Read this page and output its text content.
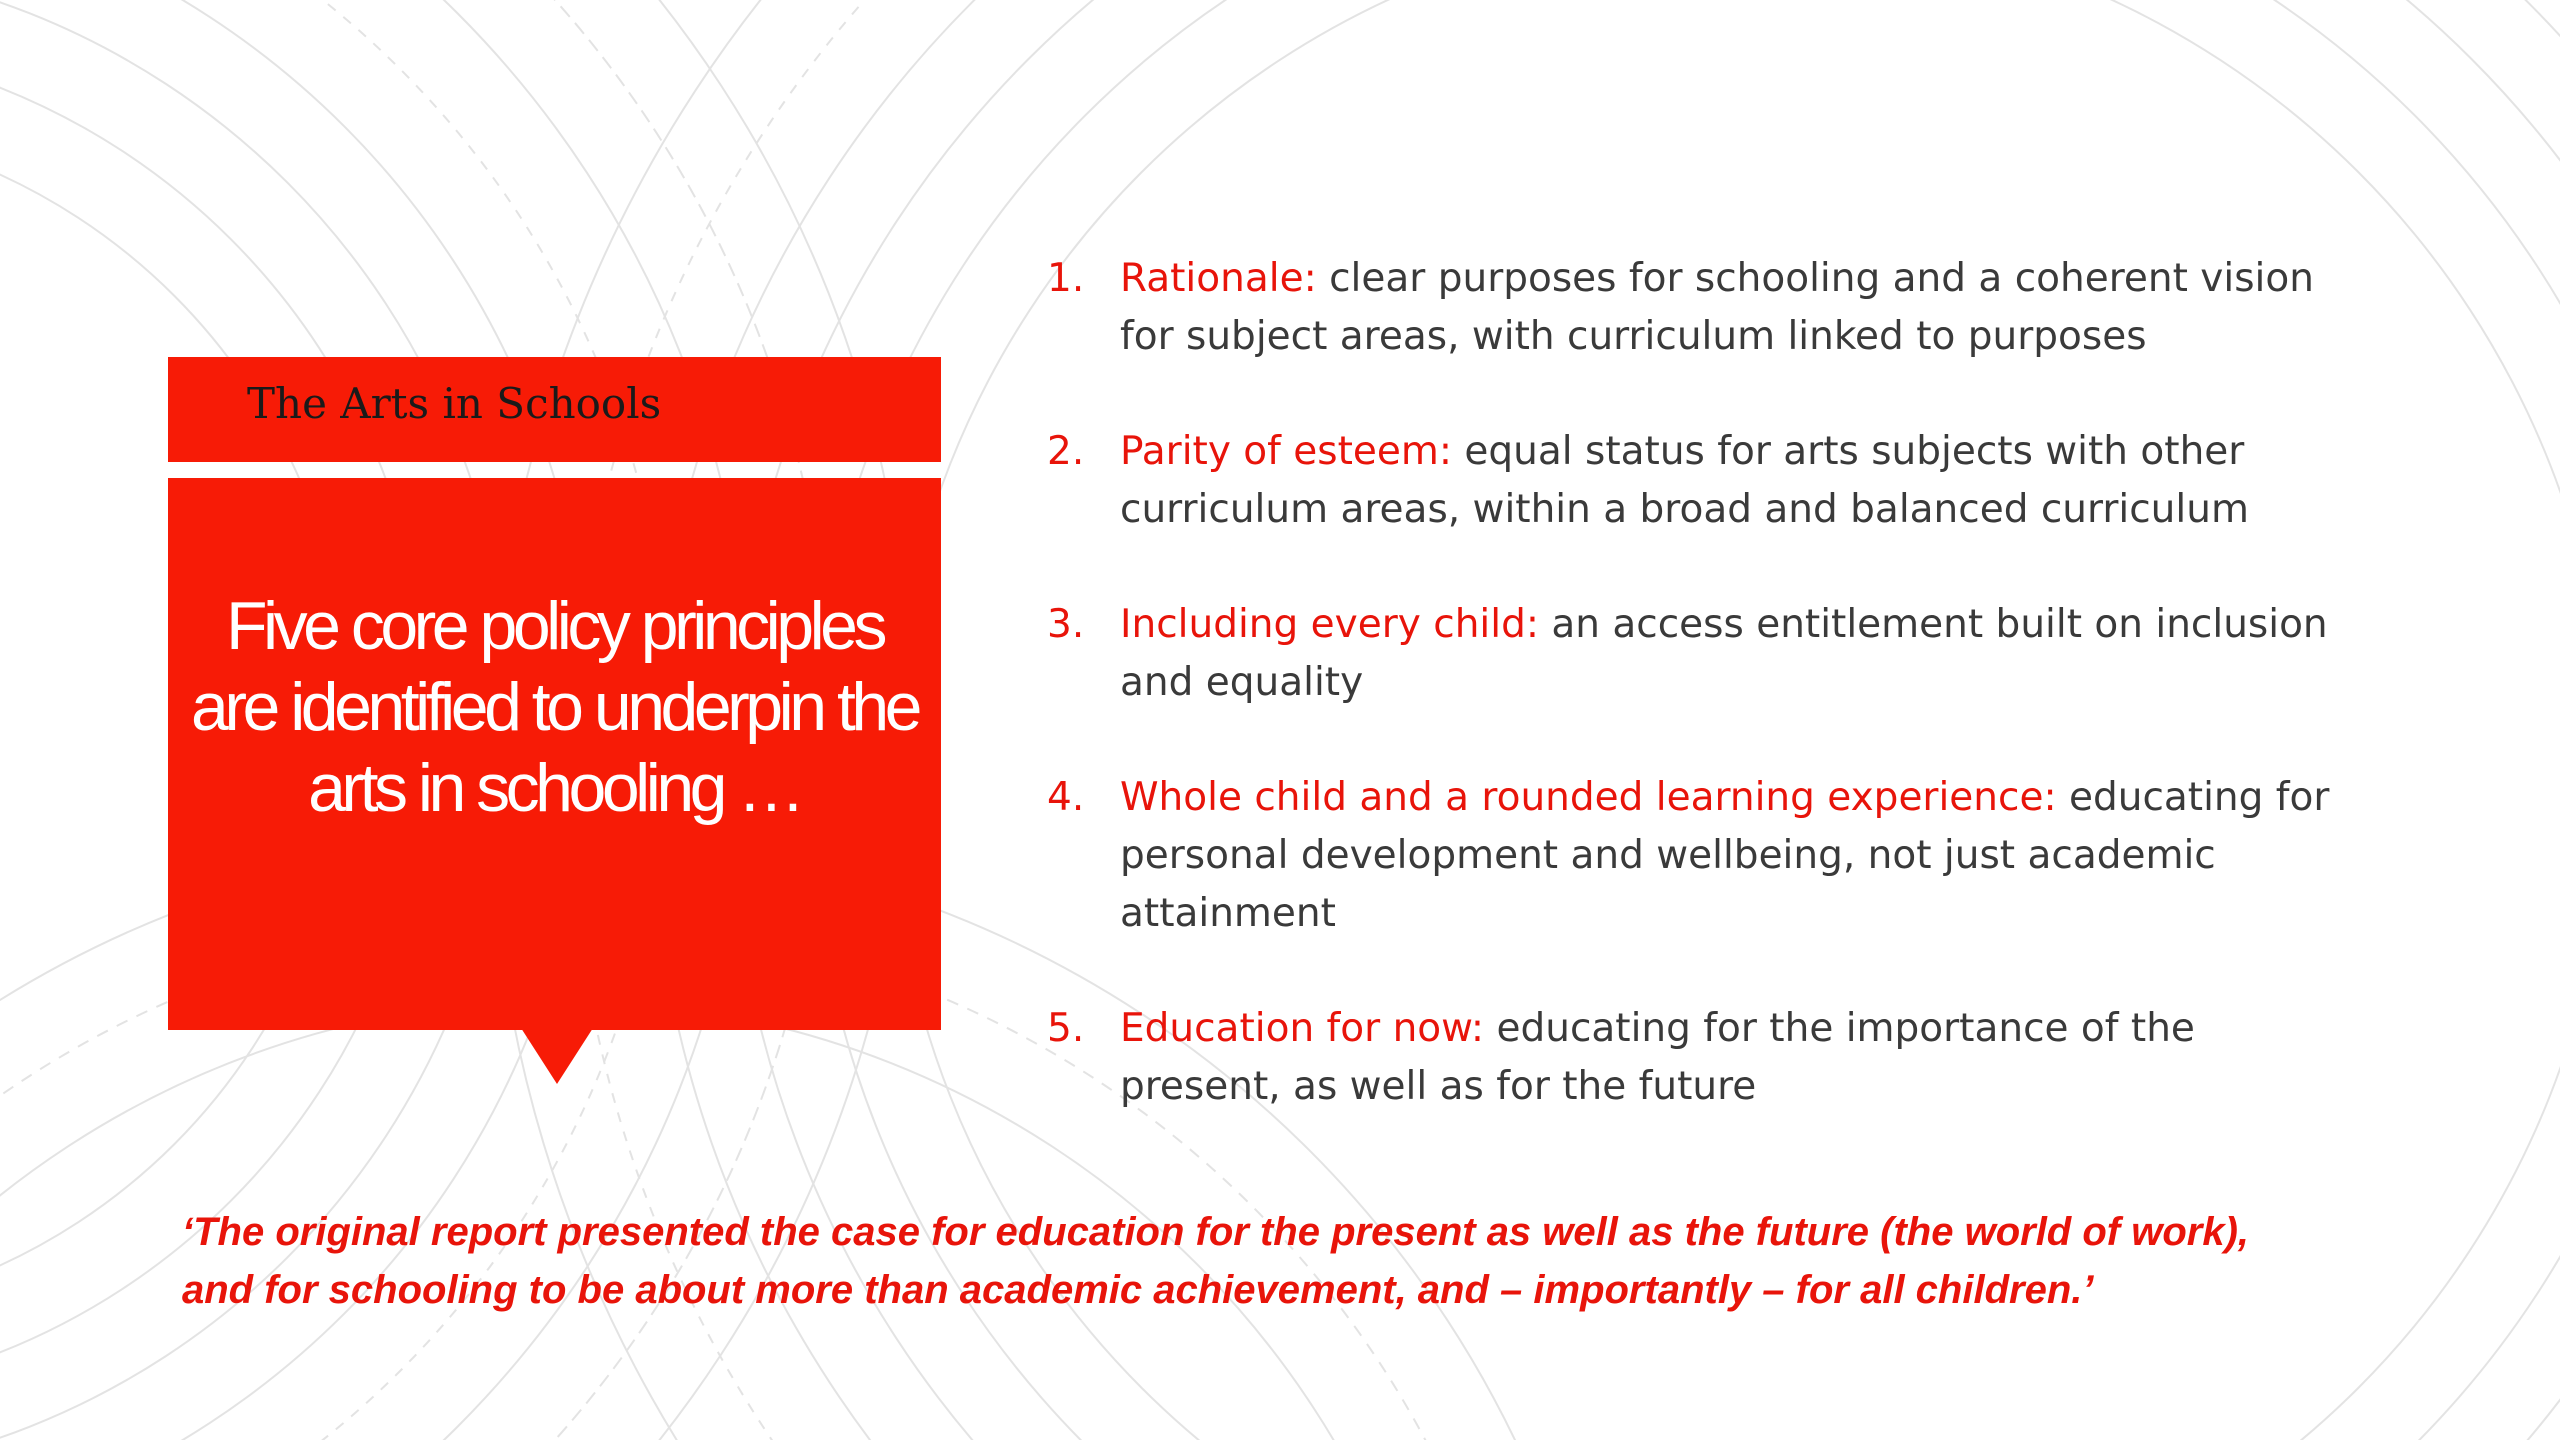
The Arts in Schools
Five core policy principles are identified to underpin the arts in schooling …
1. Rationale: clear purposes for schooling and a coherent vision for subject areas, with curriculum linked to purposes
2. Parity of esteem: equal status for arts subjects with other curriculum areas, within a broad and balanced curriculum
3. Including every child: an access entitlement built on inclusion and equality
4. Whole child and a rounded learning experience: educating for personal development and wellbeing, not just academic attainment
5. Education for now: educating for the importance of the present, as well as for the future
‘The original report presented the case for education for the present as well as the future (the world of work), and for schooling to be about more than academic achievement, and – importantly – for all children.’
